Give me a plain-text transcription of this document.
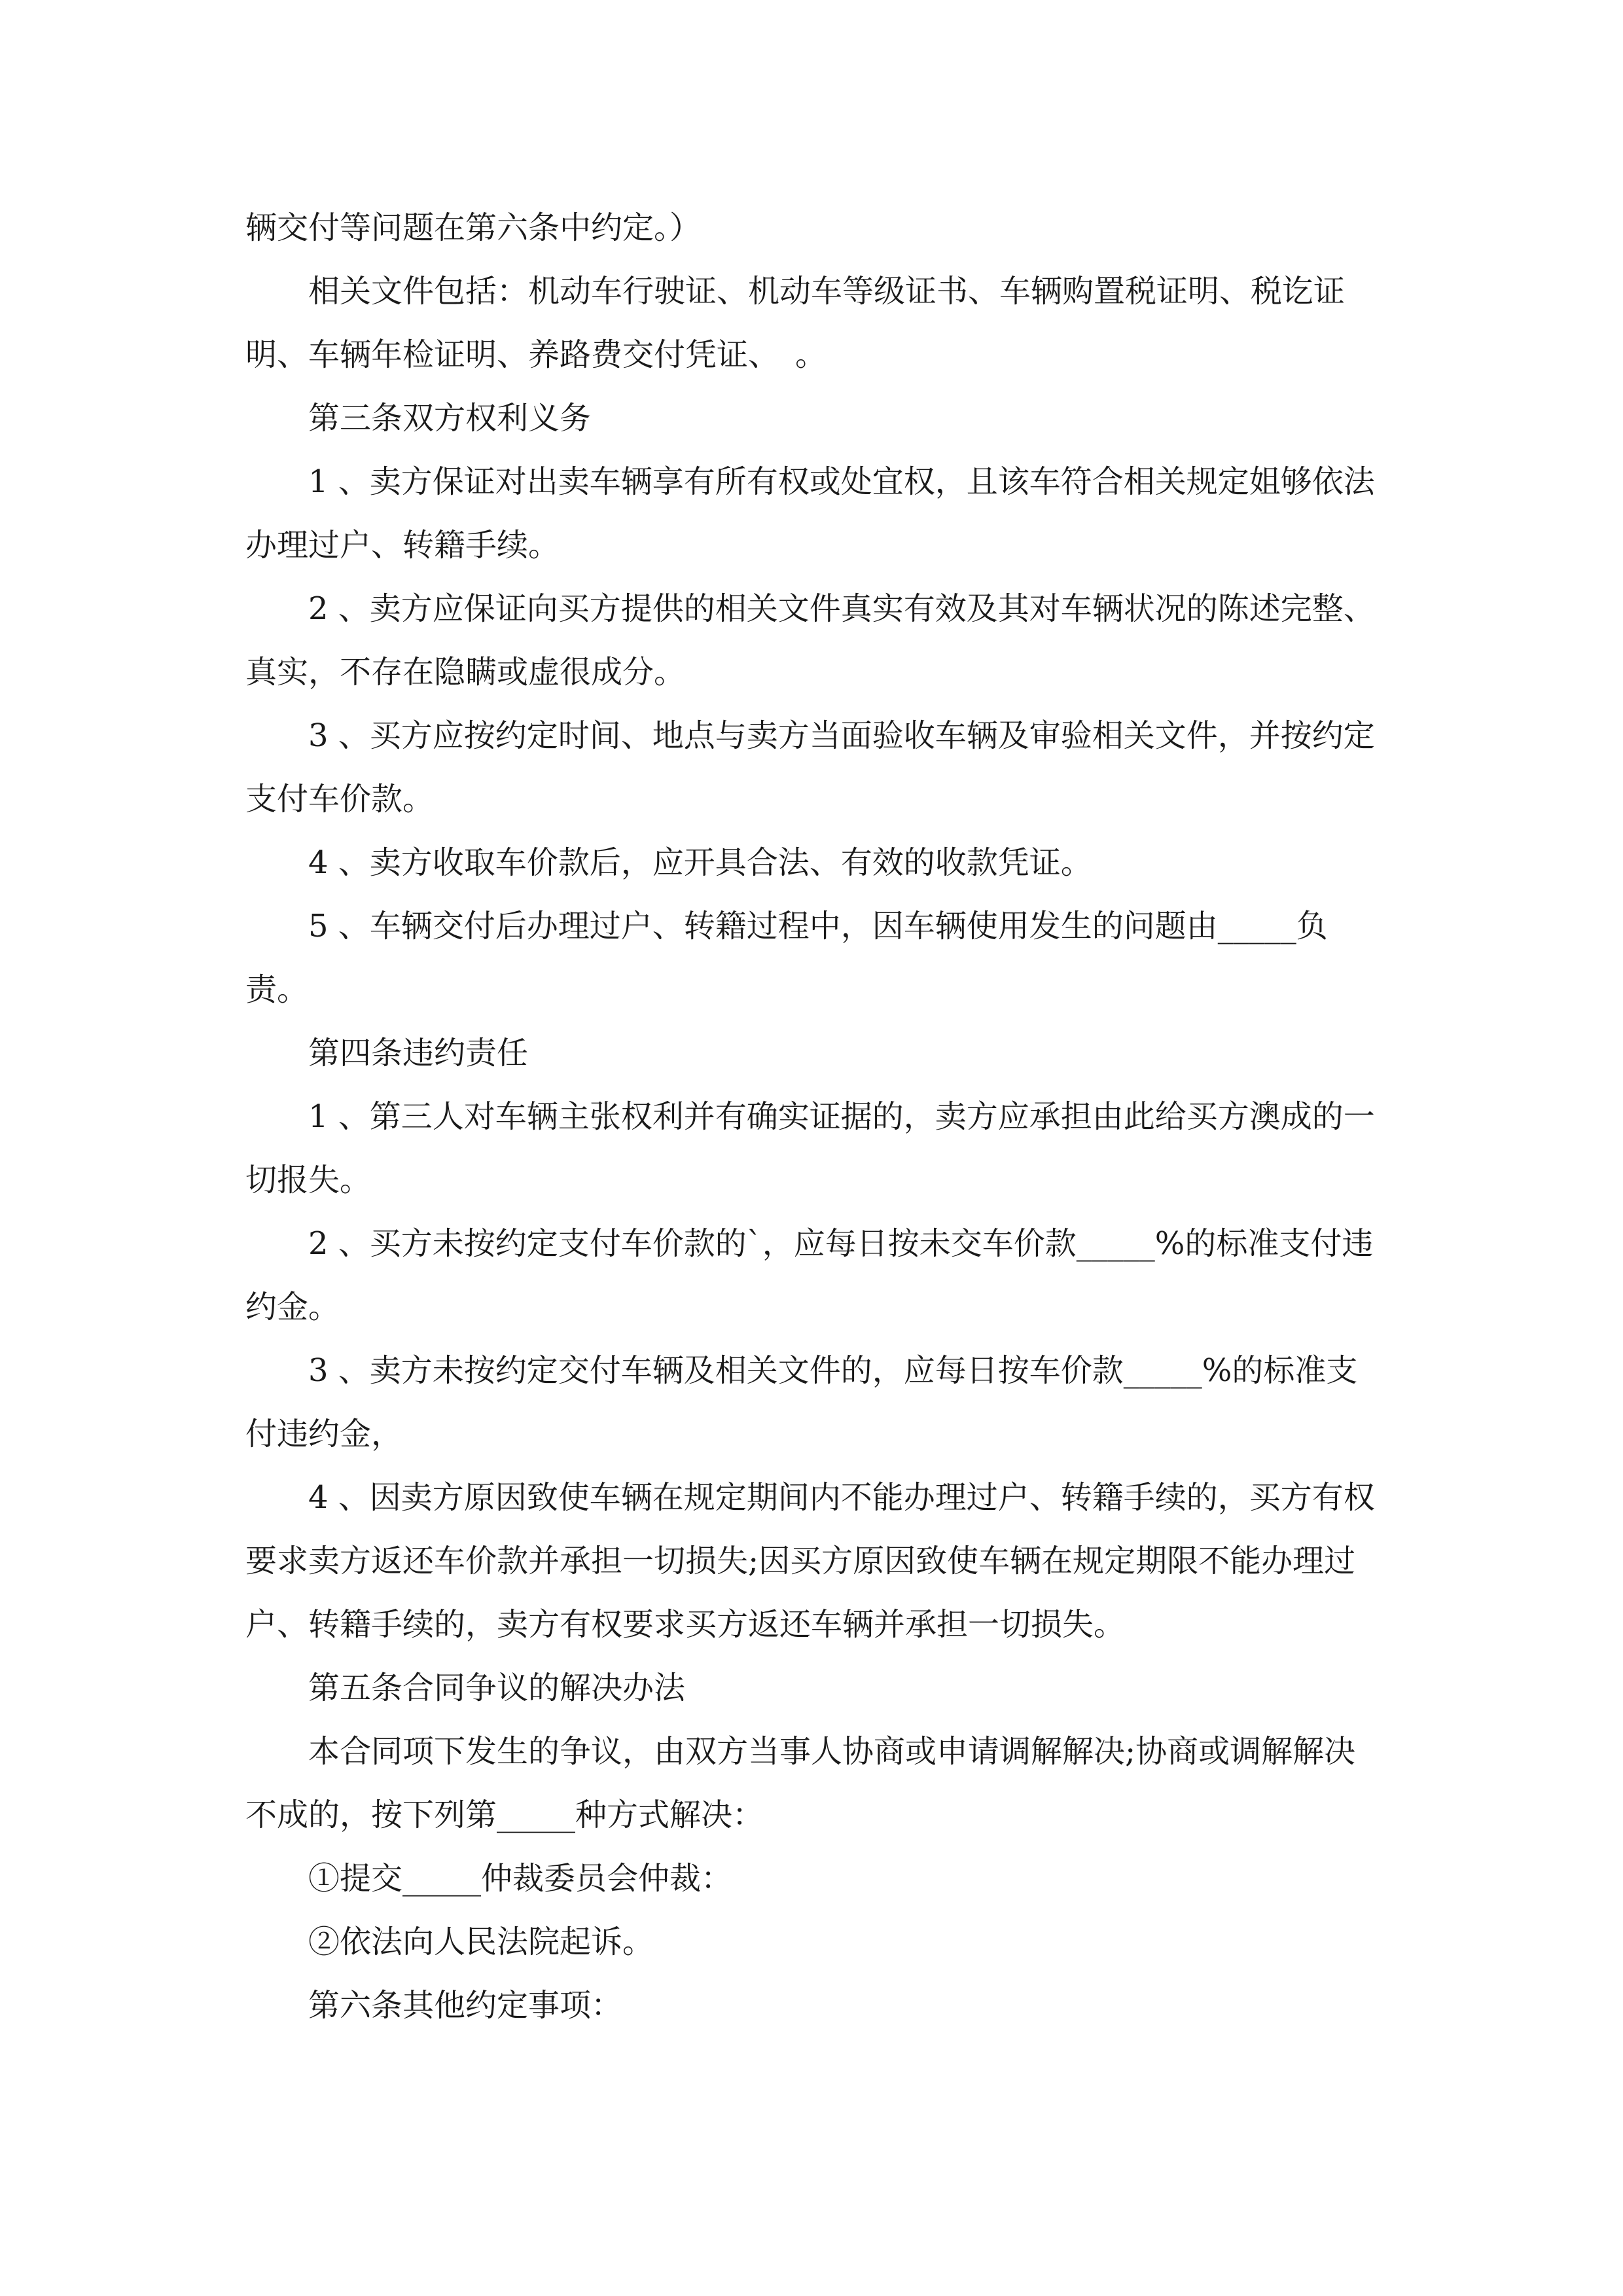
辆交付等问题在第六条中约定。）

相关文件包括：机动车行驶证、机动车等级证书、车辆购置税证明、税讫证明、车辆年检证明、养路费交付凭证、　。

第三条双方权利义务

1 、卖方保证对出卖车辆享有所有权或处宜权，且该车符合相关规定姐够依法办理过户、转籍手续。

2 、卖方应保证向买方提供的相关文件真实有效及其对车辆状况的陈述完整、真实，不存在隐瞒或虚很成分。

3 、买方应按约定时间、地点与卖方当面验收车辆及审验相关文件，并按约定支付车价款。

4 、卖方收取车价款后，应开具合法、有效的收款凭证。

5 、车辆交付后办理过户、转籍过程中，因车辆使用发生的问题由_____负责。

第四条违约责任

1 、第三人对车辆主张权利并有确实证据的，卖方应承担由此给买方澳成的一切报失。

2 、买方未按约定支付车价款的`，应每日按未交车价款_____%的标准支付违约金。

3 、卖方未按约定交付车辆及相关文件的，应每日按车价款_____%的标准支付违约金，

4 、因卖方原因致使车辆在规定期间内不能办理过户、转籍手续的，买方有权要求卖方返还车价款并承担一切损失;因买方原因致使车辆在规定期限不能办理过户、转籍手续的，卖方有权要求买方返还车辆并承担一切损失。

第五条合同争议的解决办法

本合同项下发生的争议，由双方当事人协商或申请调解解决;协商或调解解决不成的，按下列第_____种方式解决：

①提交_____仲裁委员会仲裁：

②依法向人民法院起诉。

第六条其他约定事项：
